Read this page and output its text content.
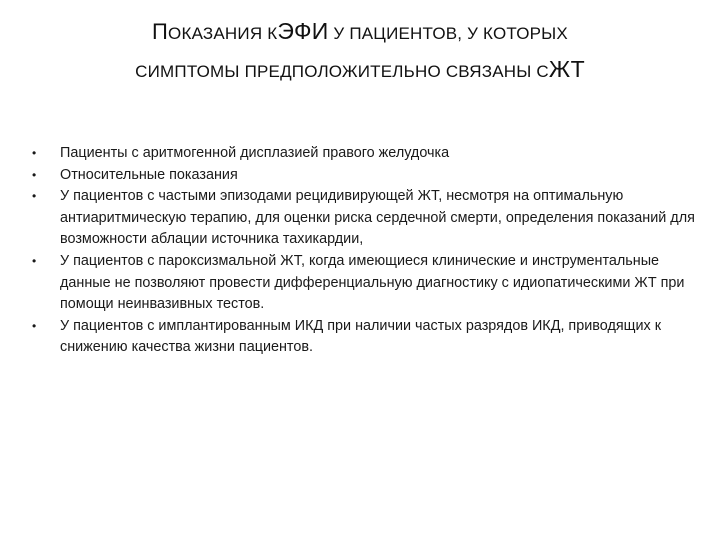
ПОКАЗАНИЯ КЭФИ У ПАЦИЕНТОВ, У КОТОРЫХ
СИМПТОМЫ ПРЕДПОЛОЖИТЕЛЬНО СВЯЗАНЫ СЖТ
• Пациенты с аритмогенной дисплазией правого желудочка
• Относительные показания
• У пациентов с частыми эпизодами рецидивирующей ЖТ, несмотря на оптимальную антиаритмическую терапию, для оценки риска сердечной смерти, определения показаний для возможности аблации источника тахикардии,
• У пациентов с пароксизмальной ЖТ, когда имеющиеся клинические и инструментальные данные не позволяют провести дифференциальную диагностику с идиопатическими ЖТ при помощи неинвазивных тестов.
• У пациентов с имплантированным ИКД при наличии частых разрядов ИКД, приводящих к снижению качества жизни пациентов.
